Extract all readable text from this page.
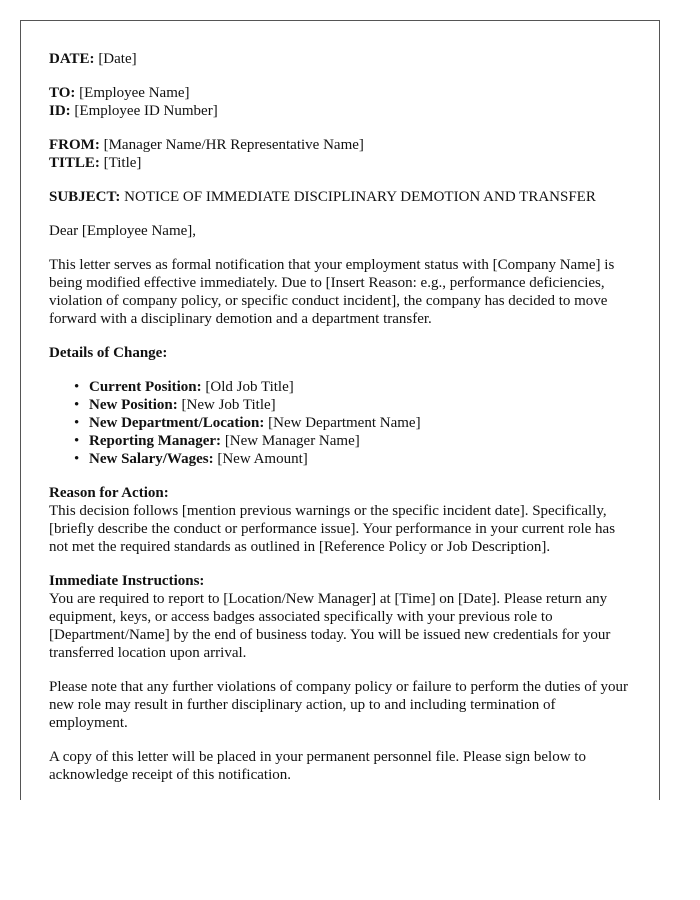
DATE: [Date]

TO: [Employee Name]

ID: [Employee ID Number]

FROM: [Manager Name/HR Representative Name]

TITLE: [Title]

SUBJECT: NOTICE OF IMMEDIATE DISCIPLINARY DEMOTION AND TRANSFER

Dear [Employee Name],

This letter serves as formal notification that your employment status with [Company Name] is being modified effective immediately. Due to [Insert Reason: e.g., performance deficiencies, violation of company policy, or specific conduct incident], the company has decided to move forward with a disciplinary demotion and a department transfer.

Details of Change:

• Current Position: [Old Job Title]
• New Position: [New Job Title]
• New Department/Location: [New Department Name]
• Reporting Manager: [New Manager Name]
• New Salary/Wages: [New Amount]
Reason for Action:

This decision follows [mention previous warnings or the specific incident date]. Specifically, [briefly describe the conduct or performance issue]. Your performance in your current role has not met the required standards as outlined in [Reference Policy or Job Description].

Immediate Instructions:

You are required to report to [Location/New Manager] at [Time] on [Date]. Please return any equipment, keys, or access badges associated specifically with your previous role to [Department/Name] by the end of business today. You will be issued new credentials for your transferred location upon arrival.

Please note that any further violations of company policy or failure to perform the duties of your new role may result in further disciplinary action, up to and including termination of employment.

A copy of this letter will be placed in your permanent personnel file. Please sign below to acknowledge receipt of this notification.
